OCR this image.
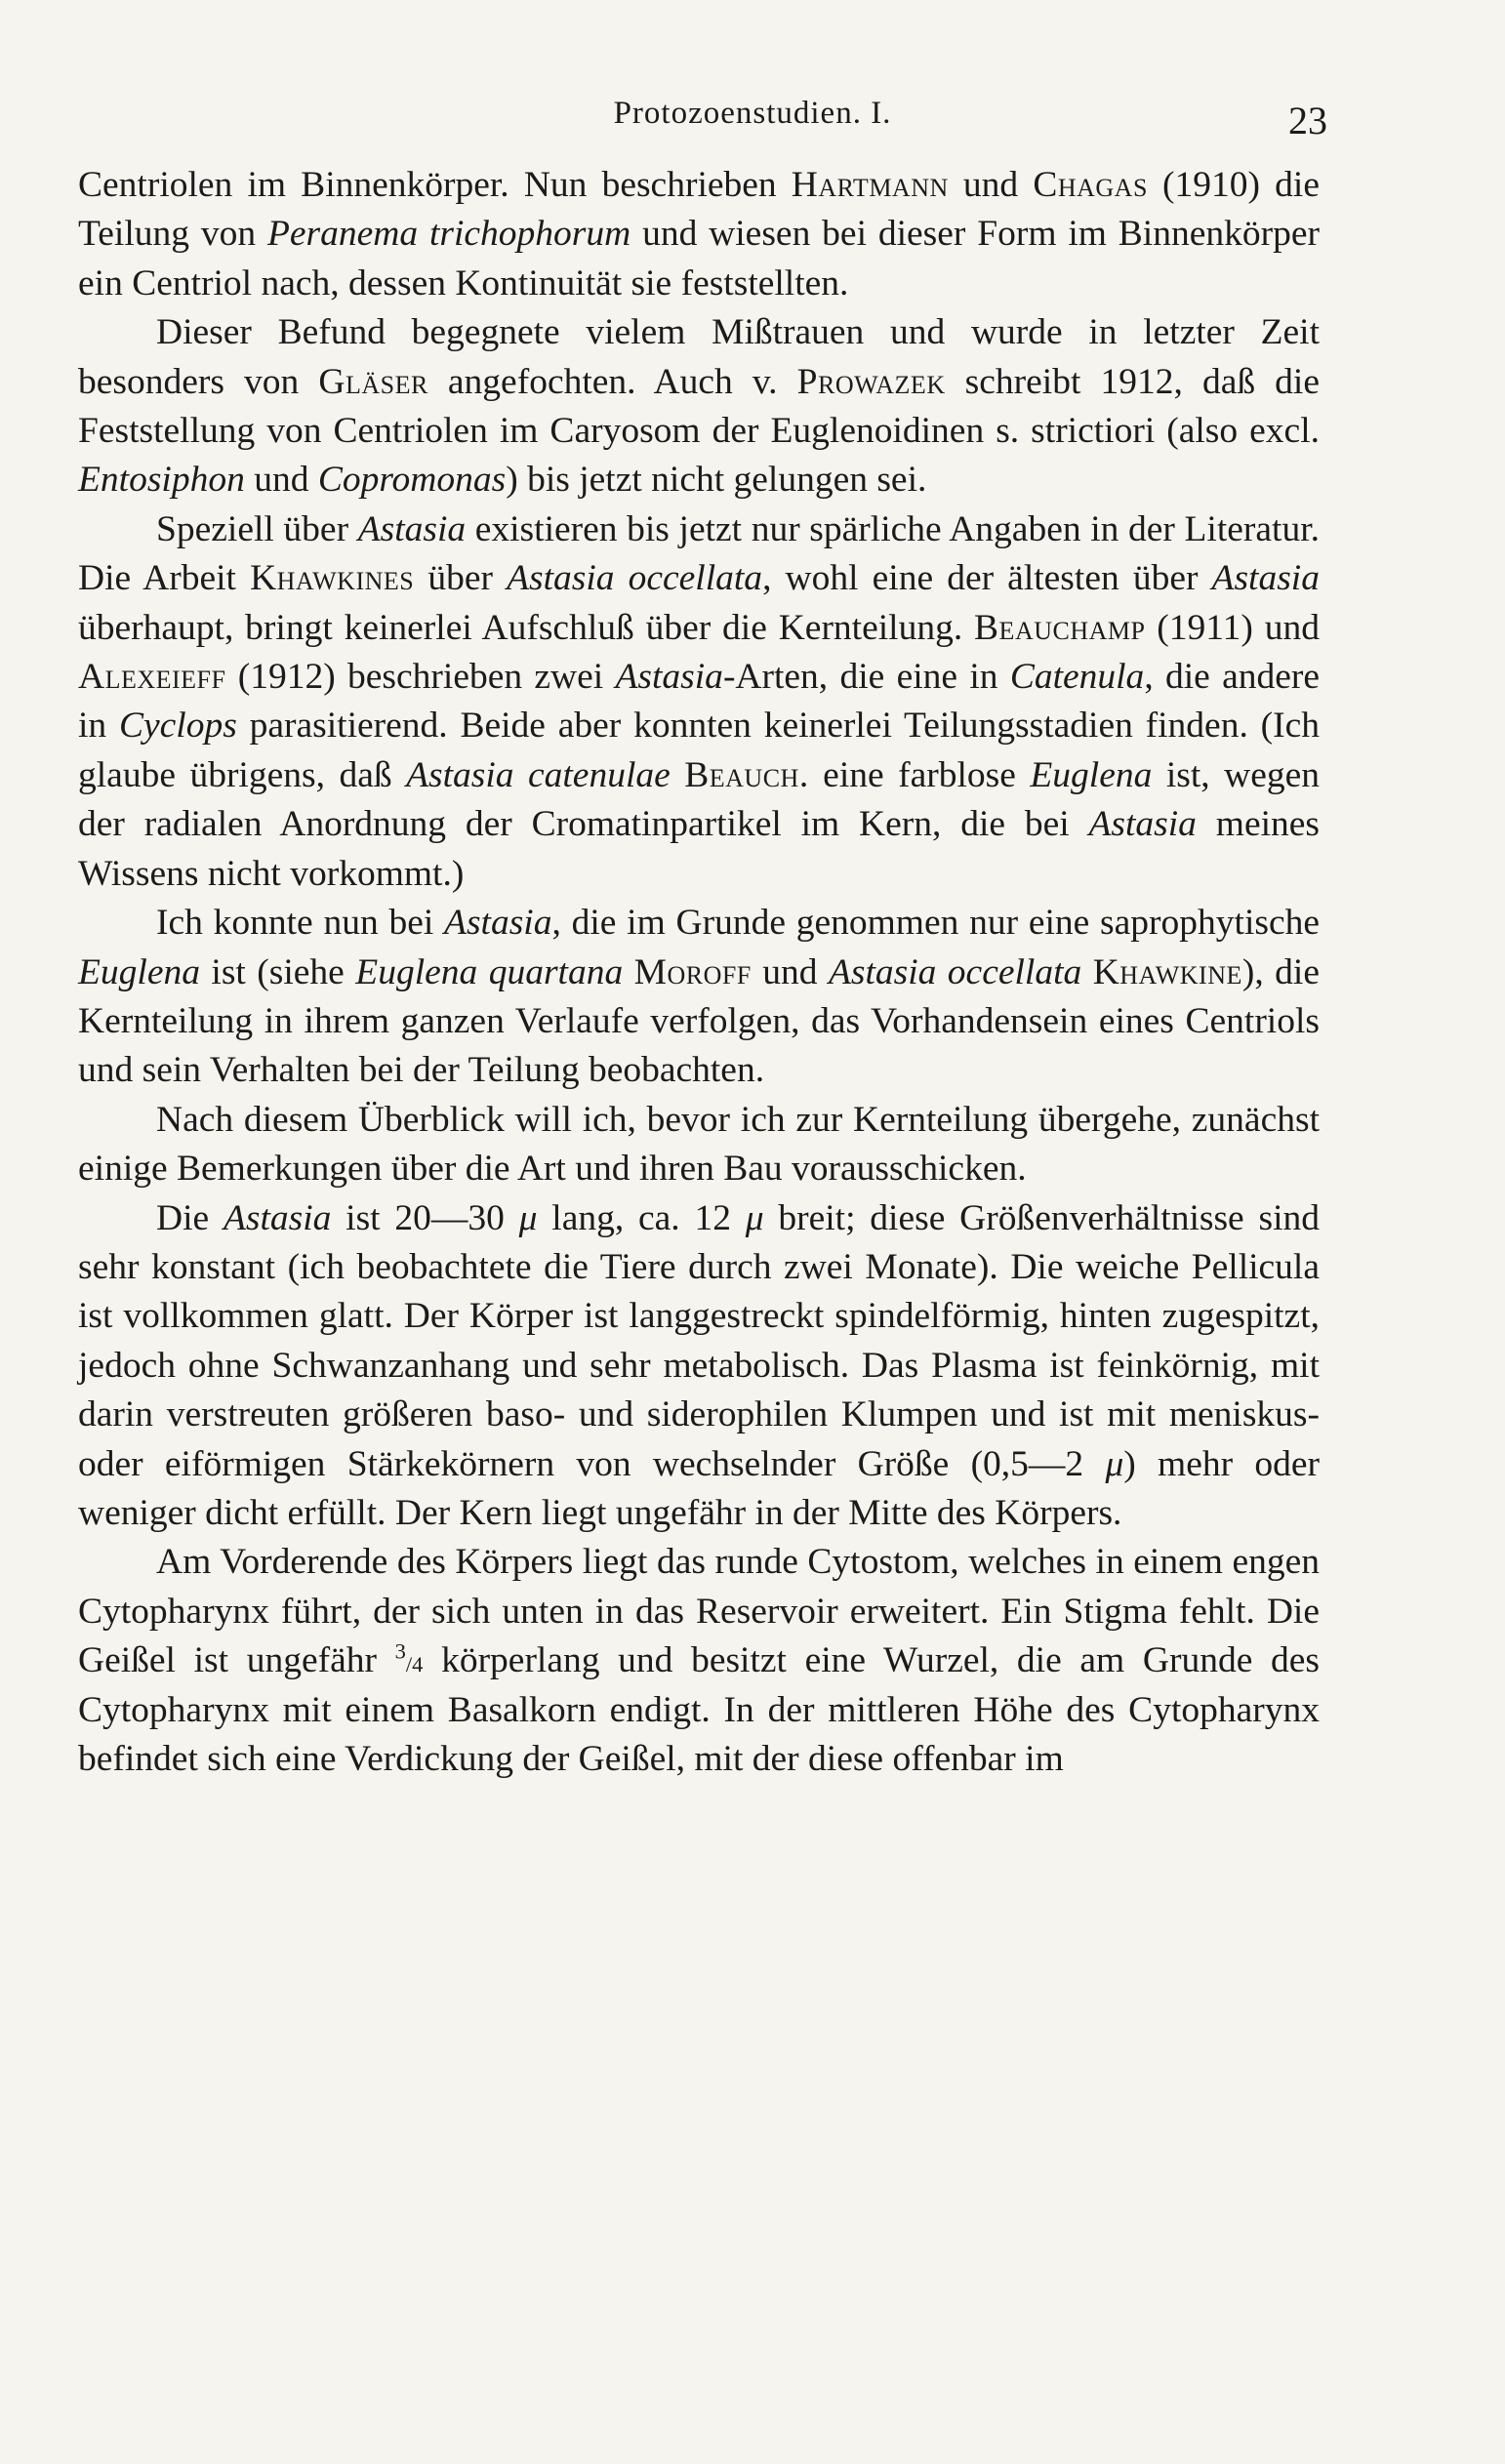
Protozoenstudien. I.	23

Centriolen im Binnenkörper. Nun beschrieben Hartmann und Chagas (1910) die Teilung von Peranema trichophorum und wiesen bei dieser Form im Binnenkörper ein Centriol nach, dessen Kontinuität sie feststellten.

Dieser Befund begegnete vielem Mißtrauen und wurde in letzter Zeit besonders von Gläser angefochten. Auch v. Prowazek schreibt 1912, daß die Feststellung von Centriolen im Caryosom der Euglenoidinen s. strictiori (also excl. Entosiphon und Copromonas) bis jetzt nicht gelungen sei.

Speziell über Astasia existieren bis jetzt nur spärliche Angaben in der Literatur. Die Arbeit Khawkines über Astasia occellata, wohl eine der ältesten über Astasia überhaupt, bringt keinerlei Aufschluß über die Kernteilung. Beauchamp (1911) und Alexeieff (1912) beschrieben zwei Astasia-Arten, die eine in Catenula, die andere in Cyclops parasitierend. Beide aber konnten keinerlei Teilungsstadien finden. (Ich glaube übrigens, daß Astasia catenulae Beauch. eine farblose Euglena ist, wegen der radialen Anordnung der Cromatinpartikel im Kern, die bei Astasia meines Wissens nicht vorkommt.)

Ich konnte nun bei Astasia, die im Grunde genommen nur eine saprophytische Euglena ist (siehe Euglena quartana Moroff und Astasia occellata Khawkine), die Kernteilung in ihrem ganzen Verlaufe verfolgen, das Vorhandensein eines Centriols und sein Verhalten bei der Teilung beobachten.

Nach diesem Überblick will ich, bevor ich zur Kernteilung übergehe, zunächst einige Bemerkungen über die Art und ihren Bau vorausschicken.

Die Astasia ist 20—30 μ lang, ca. 12 μ breit; diese Größenverhältnisse sind sehr konstant (ich beobachtete die Tiere durch zwei Monate). Die weiche Pellicula ist vollkommen glatt. Der Körper ist langgestreckt spindelförmig, hinten zugespitzt, jedoch ohne Schwanzanhang und sehr metabolisch. Das Plasma ist feinkörnig, mit darin verstreuten größeren baso- und siderophilen Klumpen und ist mit meniskus- oder eiförmigen Stärkekörnern von wechselnder Größe (0,5—2 μ) mehr oder weniger dicht erfüllt. Der Kern liegt ungefähr in der Mitte des Körpers.

Am Vorderende des Körpers liegt das runde Cytostom, welches in einem engen Cytopharynx führt, der sich unten in das Reservoir erweitert. Ein Stigma fehlt. Die Geißel ist ungefähr $^3$/4 körperlang und besitzt eine Wurzel, die am Grunde des Cytopharynx mit einem Basalkorn endigt. In der mittleren Höhe des Cytopharynx befindet sich eine Verdickung der Geißel, mit der diese offenbar im
